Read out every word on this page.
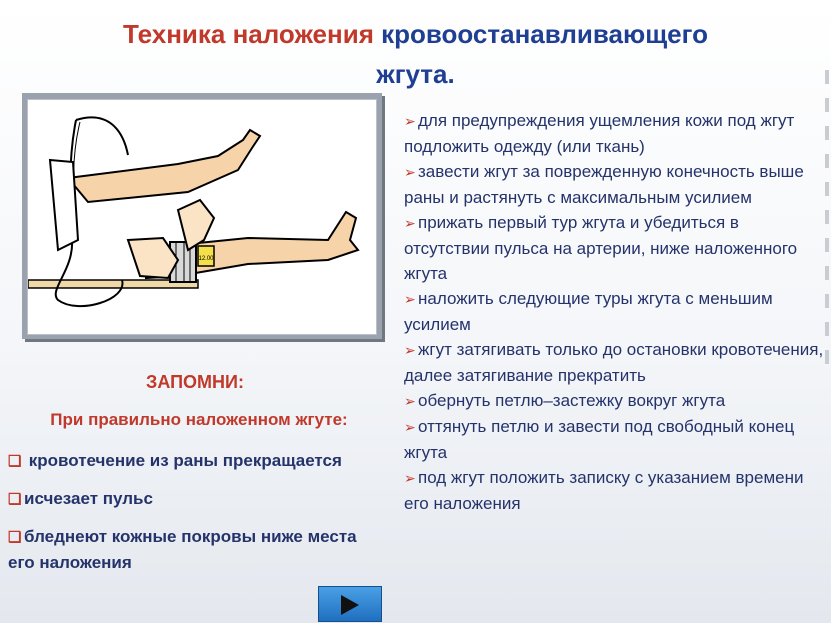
Техника наложения кровоостанавливающего
жгута.
12.00
➢ для предупреждения ущемления кожи под жгут подложить одежду (или ткань)
➢ завести жгут за поврежденную конечность выше раны и растянуть с максимальным усилием
➢ прижать первый тур жгута и убедиться в отсутствии пульса на артерии, ниже наложенного жгута
➢ наложить следующие туры жгута с меньшим усилием
➢ жгут затягивать только до остановки кровотечения, далее затягивание прекратить
➢ обернуть петлю–застежку вокруг жгута
➢ оттянуть петлю и завести под свободный конец жгута
➢ под жгут положить записку с указанием времени его наложения
ЗАПОМНИ:
При правильно наложенном жгуте:
❑ кровотечение из раны прекращается
❑ исчезает пульс
❑ бледнеют кожные покровы ниже места его наложения
